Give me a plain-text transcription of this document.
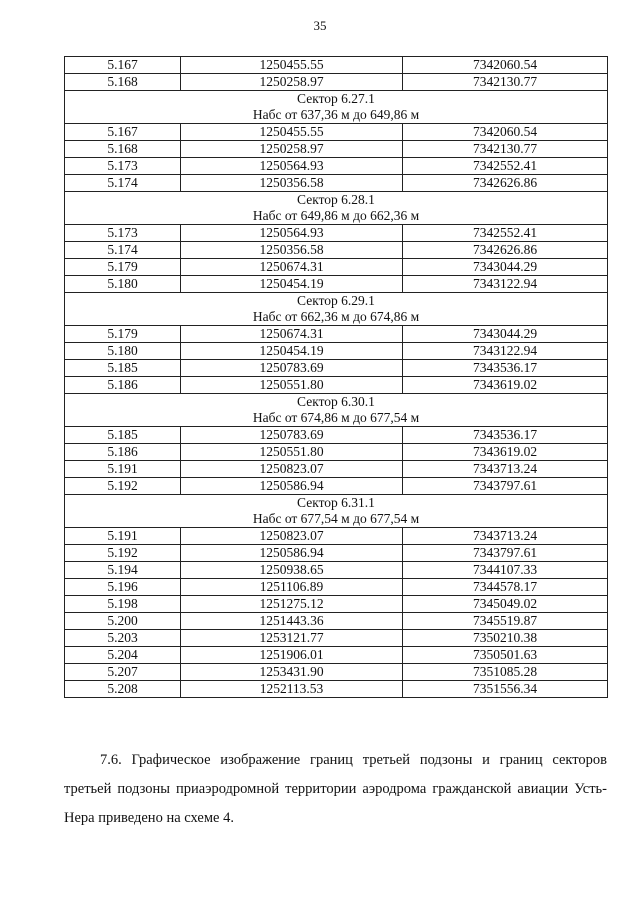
35
5.167	1250455.55	7342060.54
5.168	1250258.97	7342130.77
Сектор 6.27.1		
Набс от 637,36 м до 649,86 м		
5.167	1250455.55	7342060.54
5.168	1250258.97	7342130.77
5.173	1250564.93	7342552.41
5.174	1250356.58	7342626.86
Сектор 6.28.1		
Набс от 649,86 м до 662,36 м		
5.173	1250564.93	7342552.41
5.174	1250356.58	7342626.86
5.179	1250674.31	7343044.29
5.180	1250454.19	7343122.94
Сектор 6.29.1		
Набс от 662,36 м до 674,86 м		
5.179	1250674.31	7343044.29
5.180	1250454.19	7343122.94
5.185	1250783.69	7343536.17
5.186	1250551.80	7343619.02
Сектор 6.30.1		
Набс от 674,86 м до 677,54 м		
5.185	1250783.69	7343536.17
5.186	1250551.80	7343619.02
5.191	1250823.07	7343713.24
5.192	1250586.94	7343797.61
Сектор 6.31.1		
Набс от 677,54 м до 677,54 м		
5.191	1250823.07	7343713.24
5.192	1250586.94	7343797.61
5.194	1250938.65	7344107.33
5.196	1251106.89	7344578.17
5.198	1251275.12	7345049.02
5.200	1251443.36	7345519.87
5.203	1253121.77	7350210.38
5.204	1251906.01	7350501.63
5.207	1253431.90	7351085.28
5.208	1252113.53	7351556.34

7.6. Графическое изображение границ третьей подзоны и границ секторов третьей подзоны приаэродромной территории аэродрома гражданской авиации Усть-Нера приведено на схеме 4.
